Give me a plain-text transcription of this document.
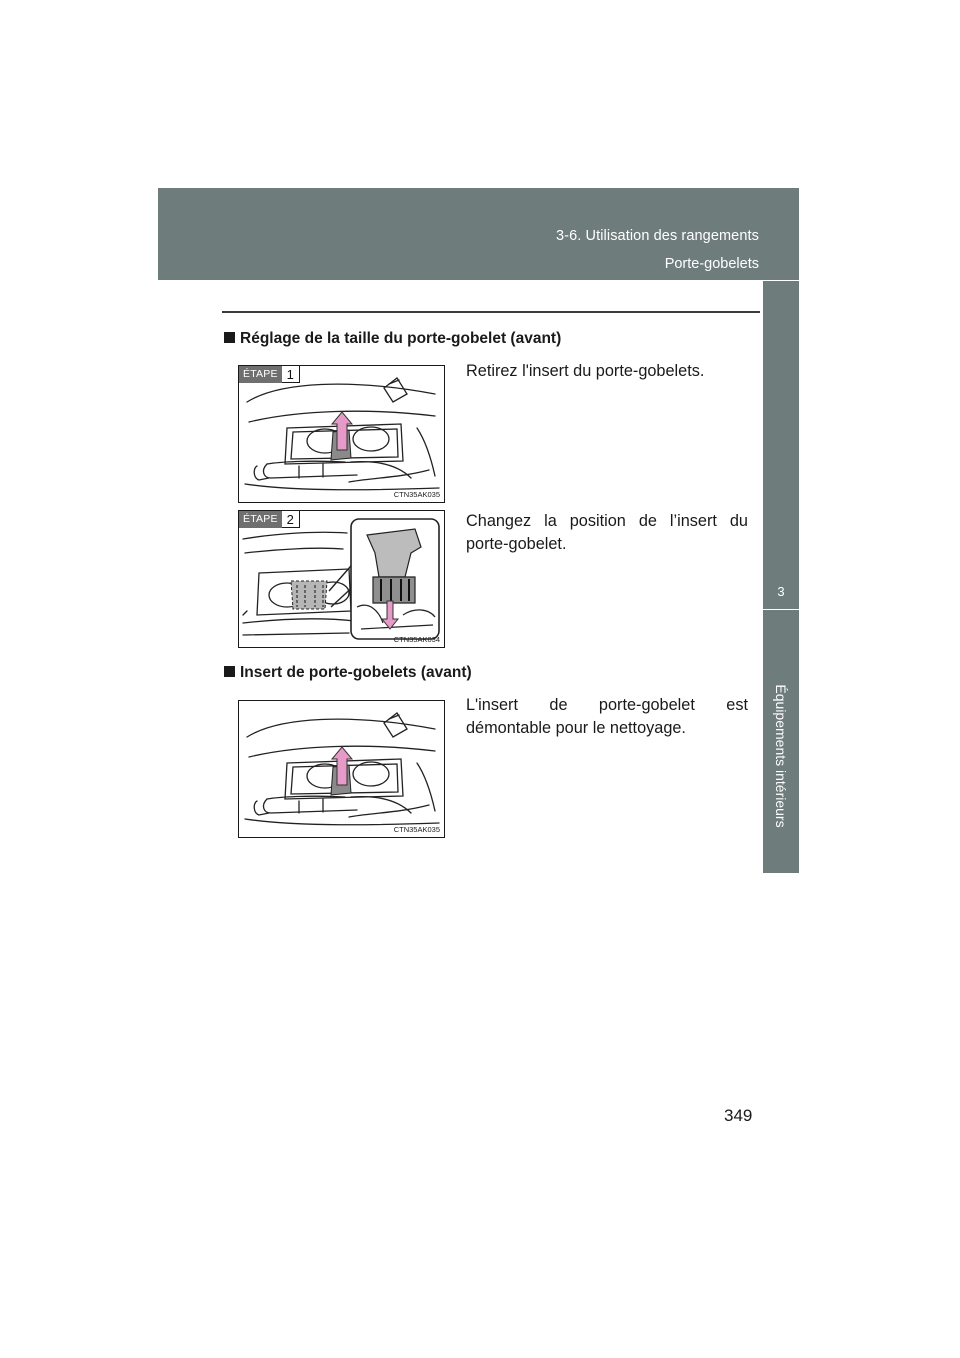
3-6. Utilisation des rangements
Porte-gobelets
3
Équipements intérieurs
Réglage de la taille du porte-gobelet (avant)
ÉTAPE 1
CTN35AK035
Retirez l'insert du porte-gobelets.
ÉTAPE 2
CTN35AK034
Changez la position de l’insert du porte-gobelet.
Insert de porte-gobelets (avant)
CTN35AK035
L'insert de porte-gobelet est démontable pour le nettoyage.
349
